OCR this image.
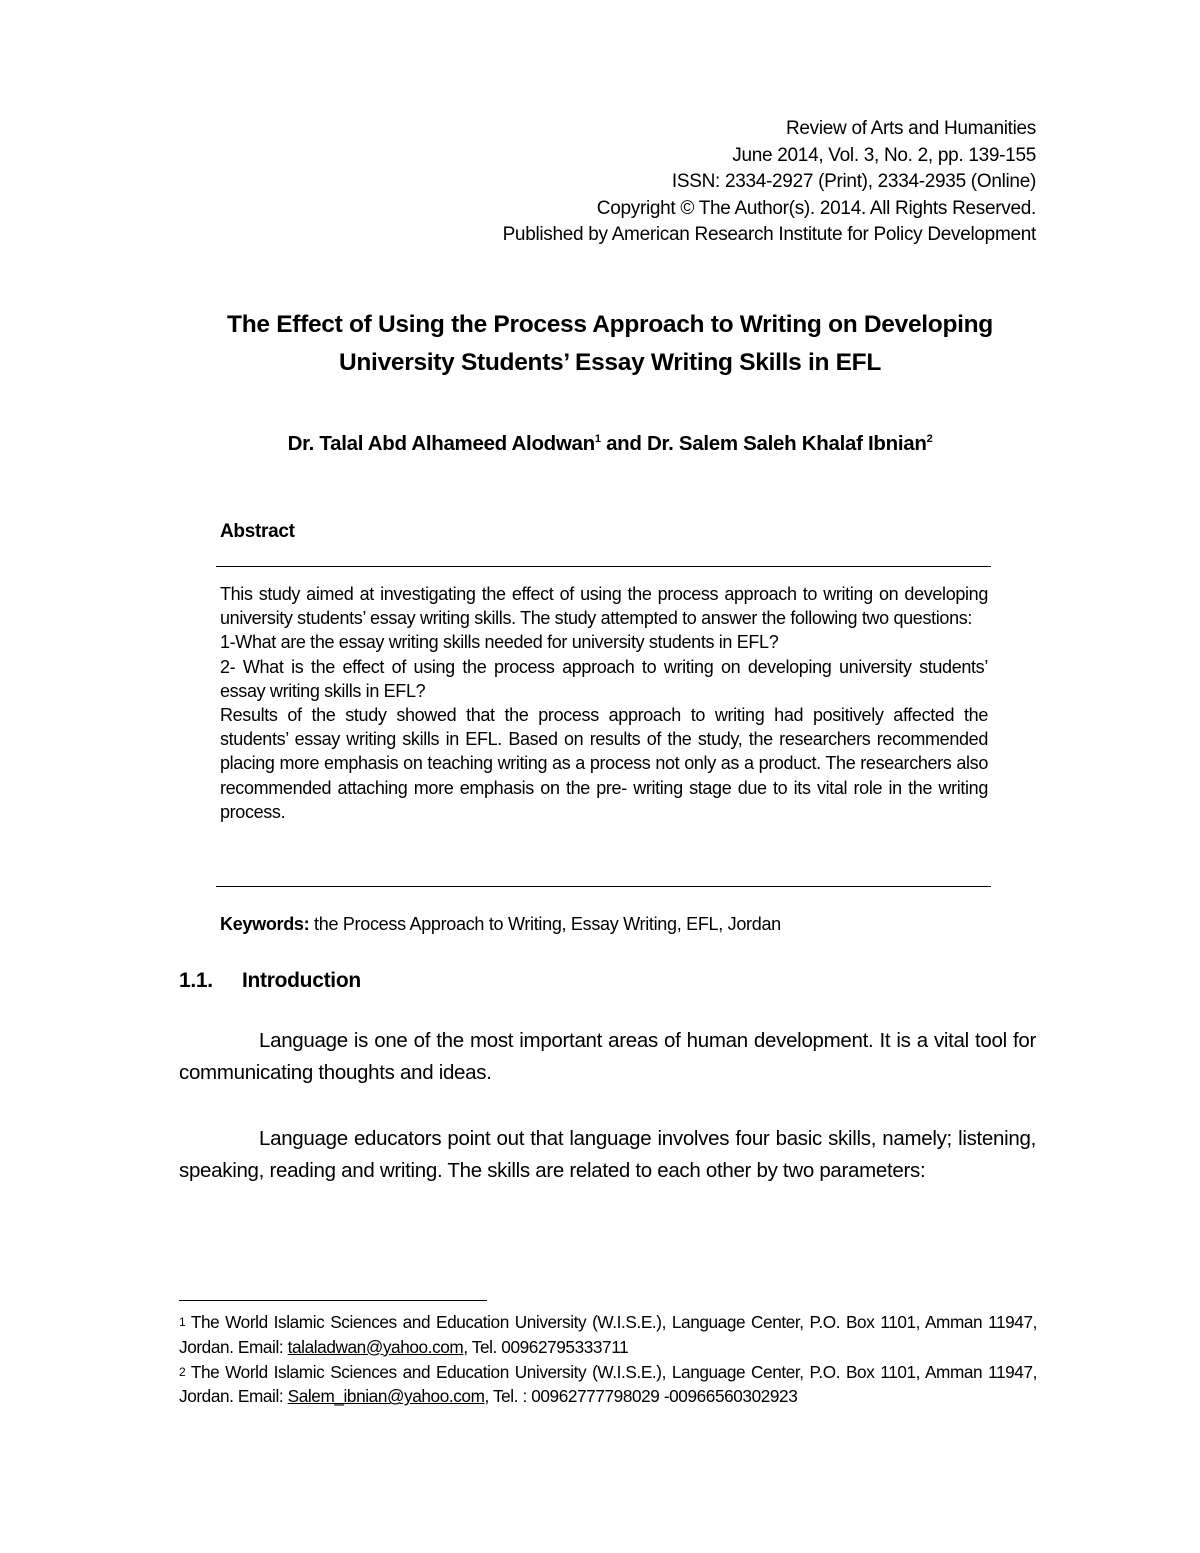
Review of Arts and Humanities
June 2014, Vol. 3, No. 2, pp. 139-155
ISSN: 2334-2927 (Print), 2334-2935 (Online)
Copyright © The Author(s). 2014. All Rights Reserved.
Published by American Research Institute for Policy Development
The Effect of Using the Process Approach to Writing on Developing
University Students’ Essay Writing Skills in EFL
Dr. Talal Abd Alhameed Alodwan$^1$ and Dr. Salem Saleh Khalaf Ibnian$^2$
Abstract

This study aimed at investigating the effect of using the process approach to writing on developing university students’ essay writing skills. The study attempted to answer the following two questions:

1-What are the essay writing skills needed for university students in EFL?

2- What is the effect of using the process approach to writing on developing university students’ essay writing skills in EFL?

Results of the study showed that the process approach to writing had positively affected the students’ essay writing skills in EFL. Based on results of the study, the researchers recommended placing more emphasis on teaching writing as a process not only as a product. The researchers also recommended attaching more emphasis on the pre- writing stage due to its vital role in the writing process.

Keywords: the Process Approach to Writing, Essay Writing, EFL, Jordan
1.1. Introduction

Language is one of the most important areas of human development. It is a vital tool for communicating thoughts and ideas.

Language educators point out that language involves four basic skills, namely; listening, speaking, reading and writing. The skills are related to each other by two parameters:

1 The World Islamic Sciences and Education University (W.I.S.E.), Language Center, P.O. Box 1101, Amman 11947, Jordan. Email: talaladwan@yahoo.com, Tel. 00962795333711

2 The World Islamic Sciences and Education University (W.I.S.E.), Language Center, P.O. Box 1101, Amman 11947, Jordan. Email: Salem_ibnian@yahoo.com, Tel. : 00962777798029 -00966560302923
